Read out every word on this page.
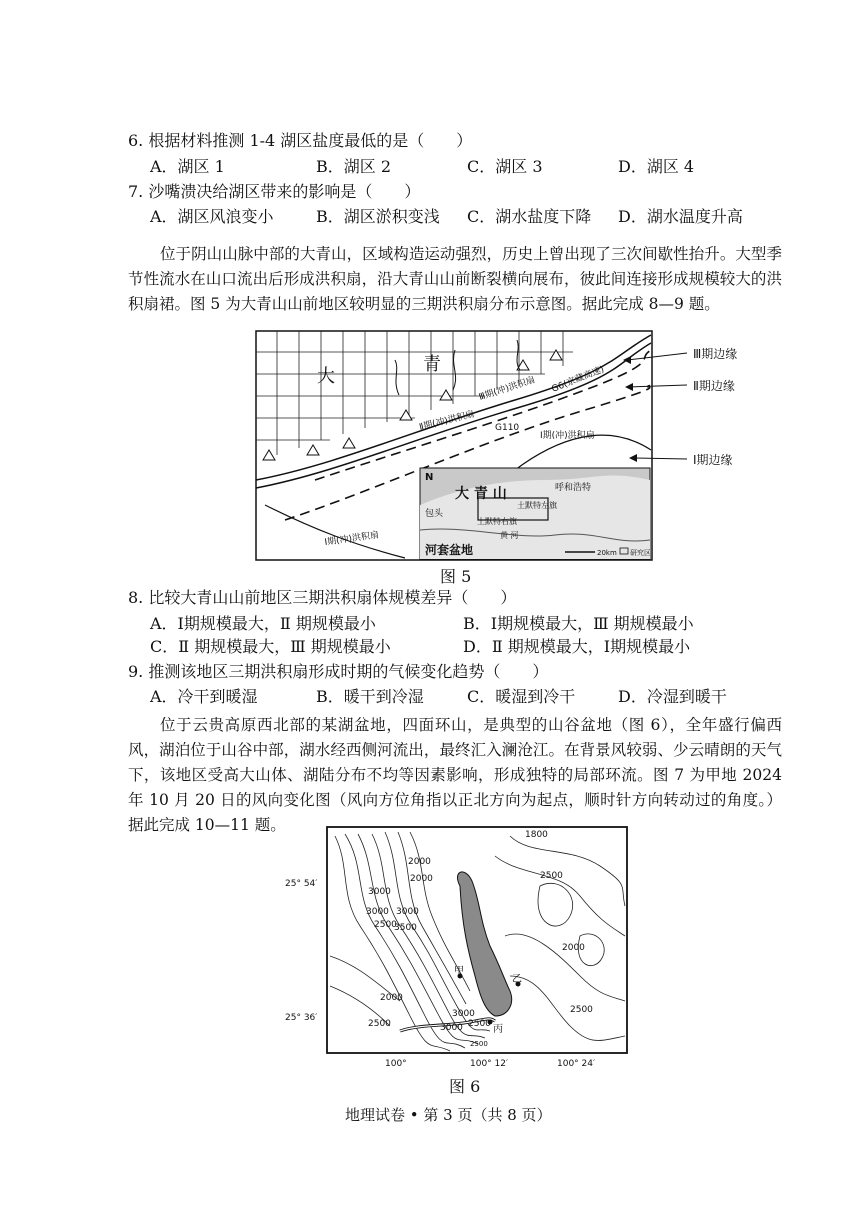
6. 根据材料推测 1-4 湖区盐度最低的是（　　）
A．湖区 1	B．湖区 2	C．湖区 3	D．湖区 4
7. 沙嘴溃决给湖区带来的影响是（　　）
A．湖区风浪变小	B．湖区淤积变浅 C．湖水盐度下降 D．湖水温度升高
位于阴山山脉中部的大青山，区域构造运动强烈，历史上曾出现了三次间歇性抬升。大型季节性流水在山口流出后形成洪积扇，沿大青山山前断裂横向展布，彼此间连接形成规模较大的洪积扇裙。图 5 为大青山山前地区较明显的三期洪积扇分布示意图。据此完成 8—9 题。
大
青
Ⅲ期(冲)洪积扇 G6(京藏高速)
Ⅱ期(冲)洪积扇 G110
Ⅰ期(冲)洪积扇
Ⅰ期(冲)洪积扇
N
大 青 山	呼和浩特
包头
土默特左旗
土默特右旗
黄 河
河套盆地	20km 研究区
Ⅲ期边缘
Ⅱ期边缘
Ⅰ期边缘
图 5
8. 比较大青山山前地区三期洪积扇体规模差异（　　）
A．Ⅰ期规模最大，Ⅱ 期规模最小	B．Ⅰ期规模最大，Ⅲ 期规模最小
C．Ⅱ 期规模最大，Ⅲ 期规模最小	D．Ⅱ 期规模最大，Ⅰ期规模最小
9. 推测该地区三期洪积扇形成时期的气候变化趋势（　　）
A．冷干到暖湿	B．暖干到冷湿	C．暖湿到冷干	D．冷湿到暖干
位于云贵高原西北部的某湖盆地，四面环山，是典型的山谷盆地（图 6），全年盛行偏西风，湖泊位于山谷中部，湖水经西侧河流出，最终汇入澜沧江。在背景风较弱、少云晴朗的天气下，该地区受高大山体、湖陆分布不均等因素影响，形成独特的局部环流。图 7 为甲地 2024 年 10 月 20 日的风向变化图（风向方位角指以正北方向为起点，顺时针方向转动过的角度。）据此完成 10—11 题。
1800
2000
2000	2500
3000
3000 3000
2500
3500
2000
2000
2500
2500
3000
2500
3000
2500
甲
乙
丙
25° 54′
25° 36′
100°	100° 12′	100° 24′
图 6
地理试卷 • 第 3 页（共 8 页）
